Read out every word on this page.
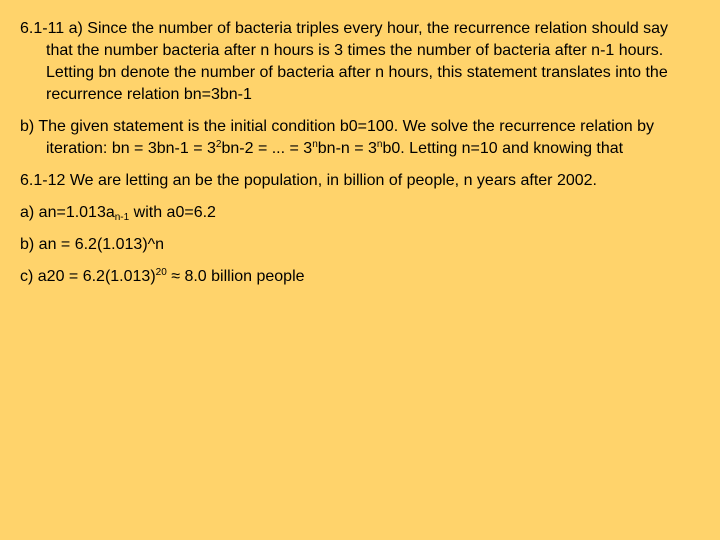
6.1-11 a) Since the number of bacteria triples every hour, the recurrence relation should say that the number bacteria after n hours is 3 times the number of bacteria after n-1 hours. Letting bn denote the number of bacteria after n hours, this statement translates into the recurrence relation bn=3bn-1

b) The given statement is the initial condition b0=100. We solve the recurrence relation by iteration: bn = $3bn-1 = 3^2bn-2$ = ... = $3^nbn-n = 3^nb0$. Letting n=10 and knowing that

6.1-12 We are letting an be the population, in billion of people, n years after 2002.

a) $an=1.013a_{n-1}$ with a0=6.2

b) an = 6.2(1.013)^n

c) $a20 = 6.2(1.013)^{20} \approx 8.0$ billion people
